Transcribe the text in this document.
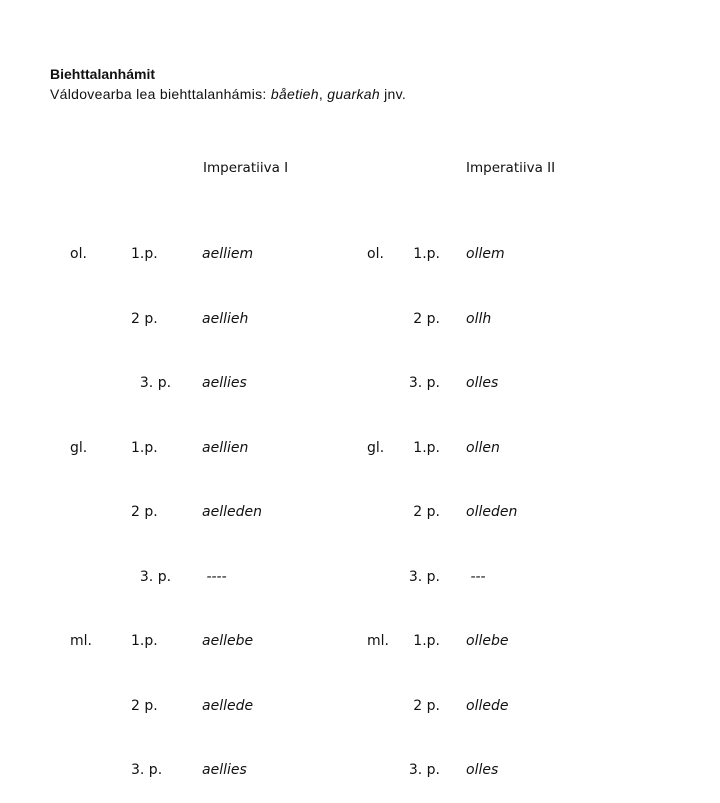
Biehttalanhámit
Váldovearba lea biehttalanhámis: båetieh, guarkah jnv.
Imperatiiva I	Imperatiiva II

ol.

gl.

ml.

1.p.

2 p.

3. p.

1.p.

2 p.

3. p.

1.p.

2 p.

3. p.

aelliem

aellieh

aellies

aellien

aelleden

----

aellebe

aellede

aellies

ol.

gl.

ml.

1.p.

2 p.

3. p.

1.p.

2 p.

3. p.

1.p.

2 p.

3. p.

ollem

ollh

olles

ollen

olleden

---

ollebe

ollede

olles
